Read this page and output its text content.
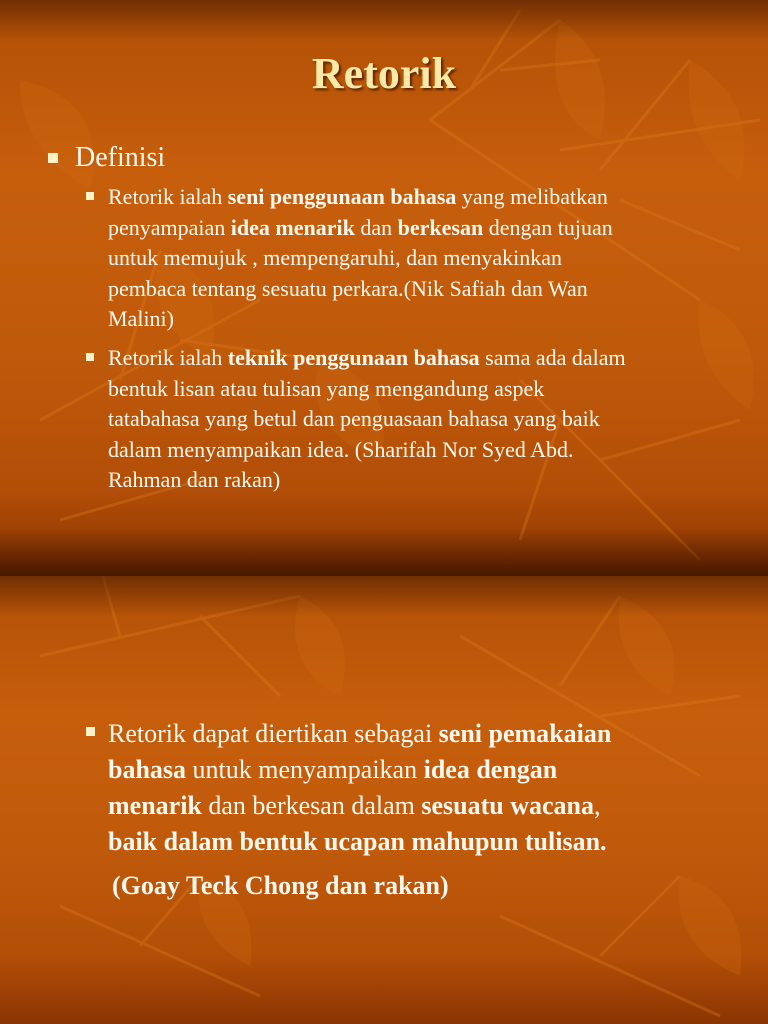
Retorik
Definisi
Retorik ialah seni penggunaan bahasa yang melibatkan
penyampaian idea menarik dan berkesan dengan tujuan
untuk memujuk , mempengaruhi, dan menyakinkan
pembaca tentang sesuatu perkara.(Nik Safiah dan Wan
Malini)
Retorik ialah teknik penggunaan bahasa sama ada dalam
bentuk lisan atau tulisan yang mengandung aspek
tatabahasa yang betul dan penguasaan bahasa yang baik
dalam menyampaikan idea. (Sharifah Nor Syed Abd.
Rahman dan rakan)
Retorik dapat diertikan sebagai seni pemakaian
bahasa untuk menyampaikan idea dengan
menarik dan berkesan dalam sesuatu wacana,
baik dalam bentuk ucapan mahupun tulisan.
(Goay Teck Chong dan rakan)
